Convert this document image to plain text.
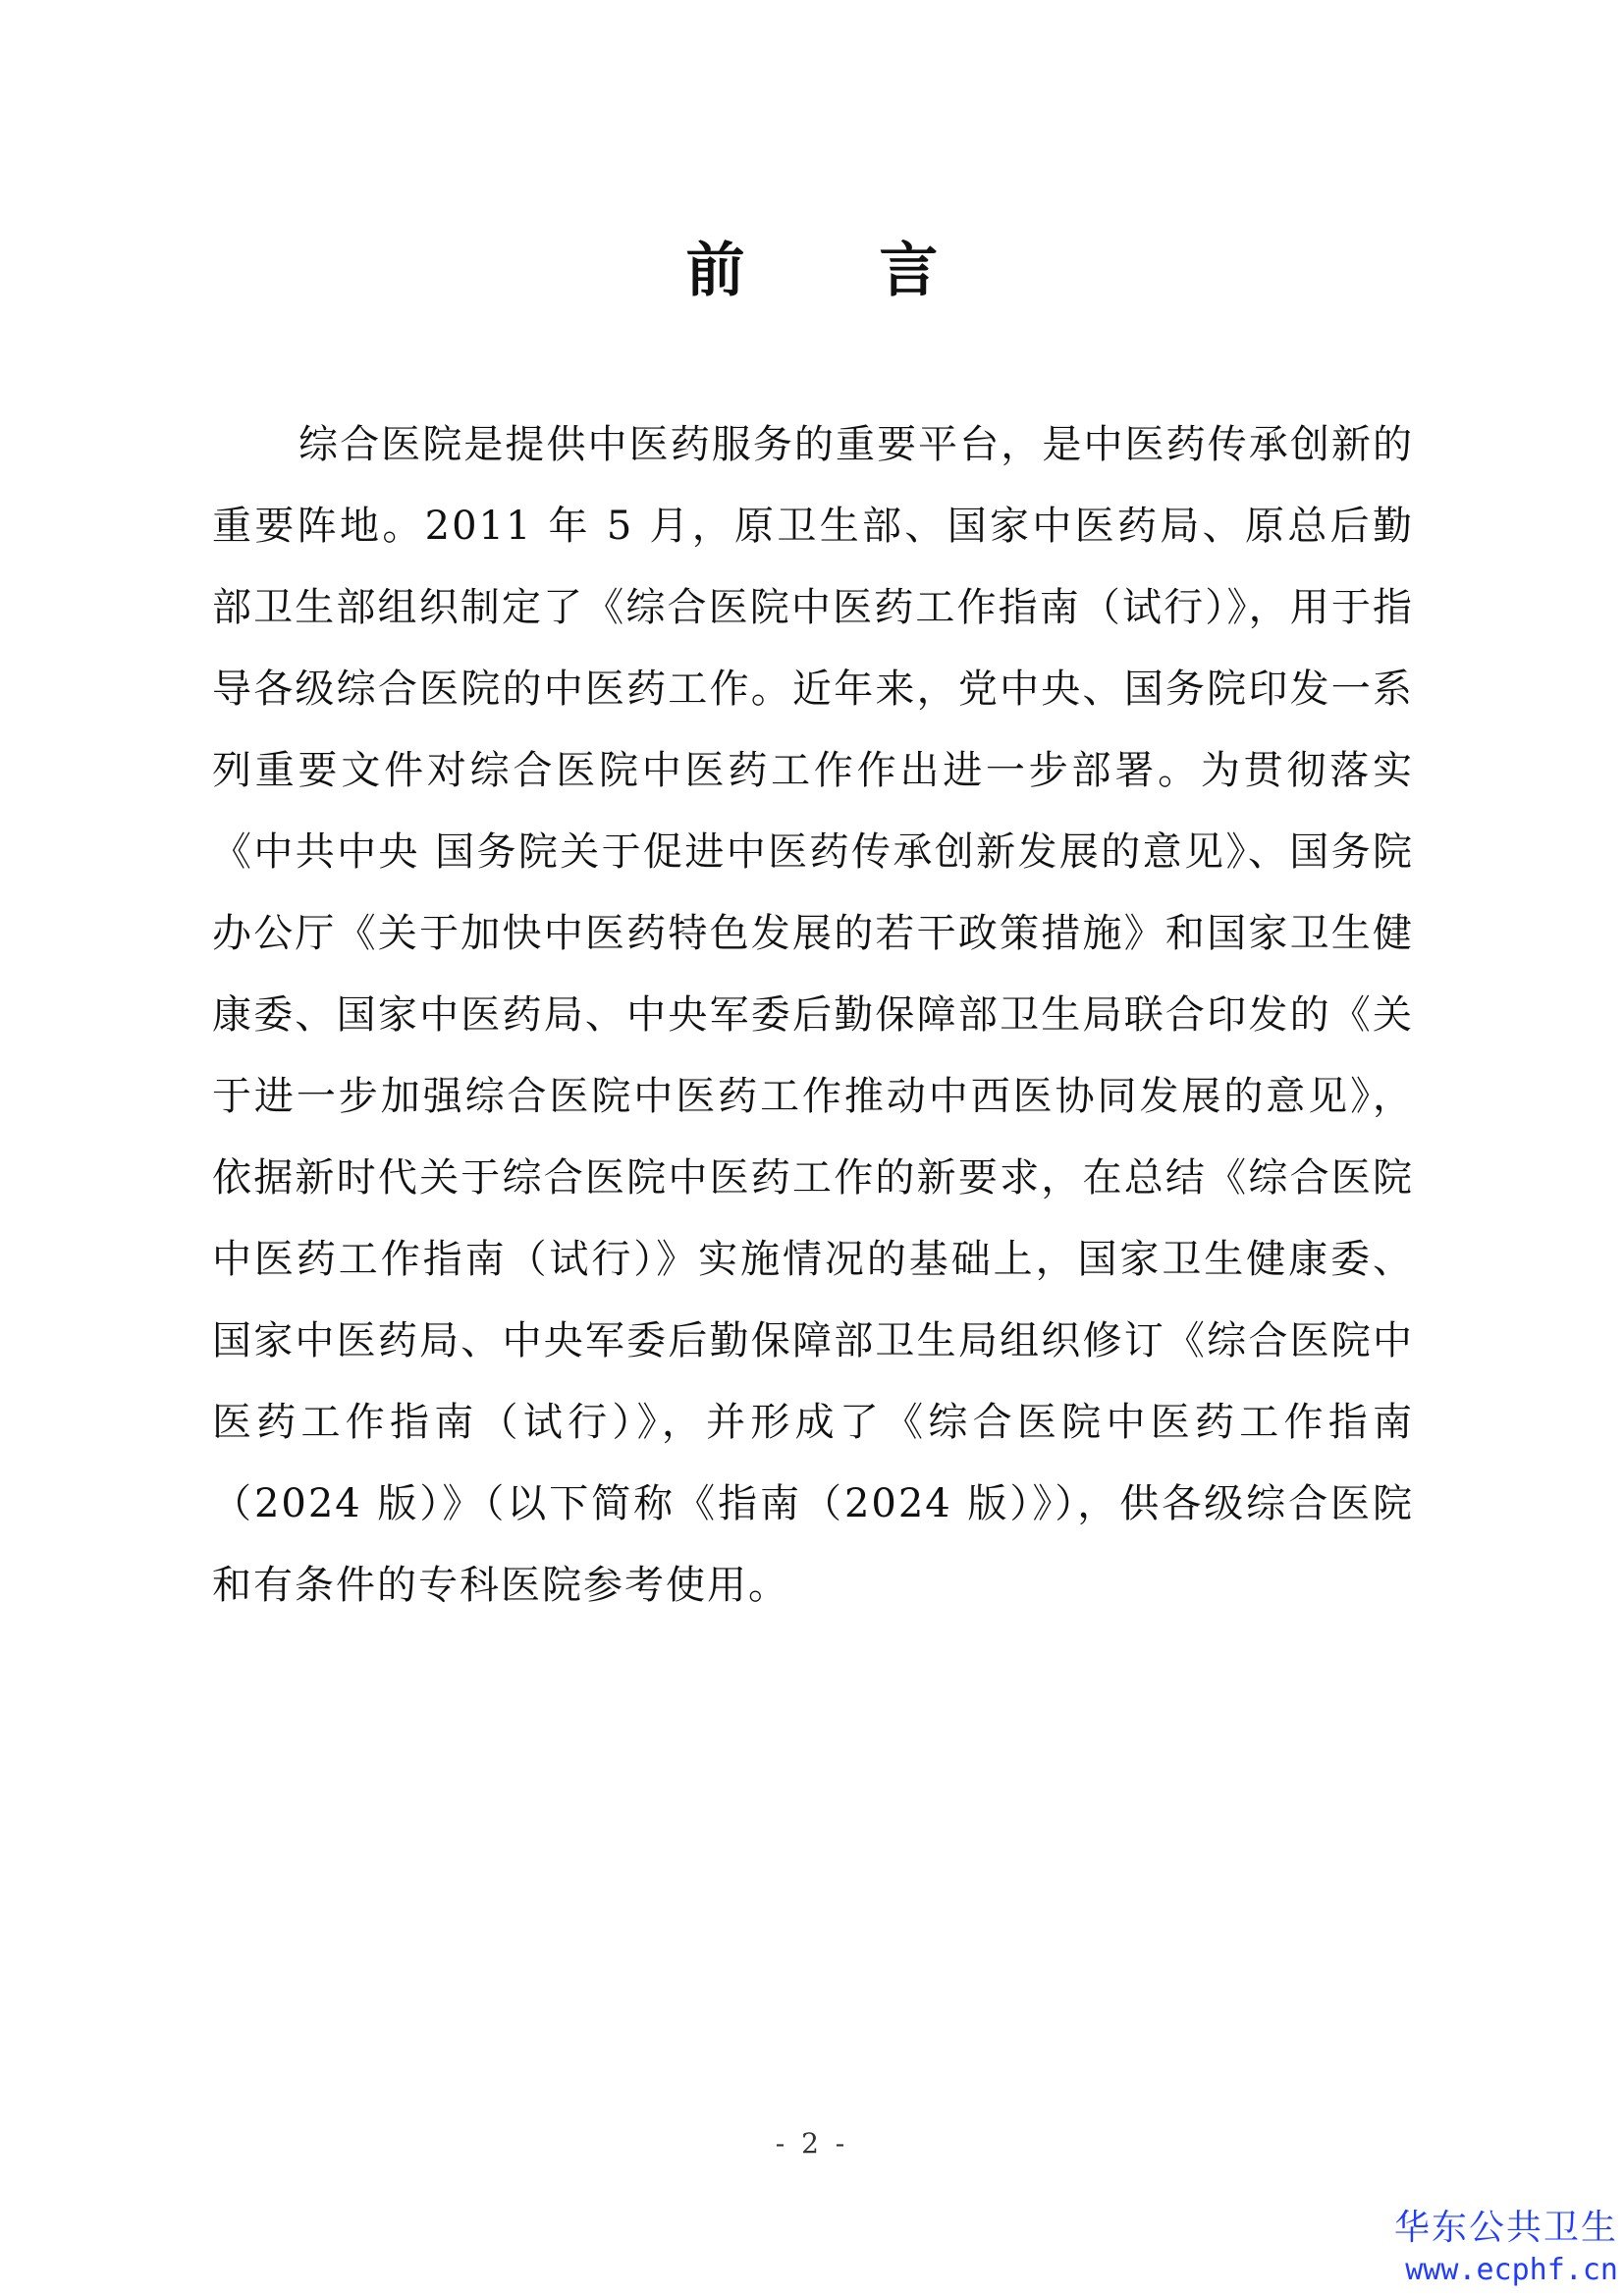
前 言

综合医院是提供中医药服务的重要平台，是中医药传承创新的重要阵地。2011 年 5 月，原卫生部、国家中医药局、原总后勤部卫生部组织制定了《综合医院中医药工作指南（试行）》，用于指导各级综合医院的中医药工作。近年来，党中央、国务院印发一系列重要文件对综合医院中医药工作作出进一步部署。为贯彻落实《中共中央 国务院关于促进中医药传承创新发展的意见》、国务院办公厅《关于加快中医药特色发展的若干政策措施》和国家卫生健康委、国家中医药局、中央军委后勤保障部卫生局联合印发的《关于进一步加强综合医院中医药工作推动中西医协同发展的意见》，依据新时代关于综合医院中医药工作的新要求，在总结《综合医院中医药工作指南（试行）》实施情况的基础上，国家卫生健康委、国家中医药局、中央军委后勤保障部卫生局组织修订《综合医院中医药工作指南（试行）》，并形成了《综合医院中医药工作指南（2024 版）》（以下简称《指南（2024 版）》），供各级综合医院和有条件的专科医院参考使用。

- 2 -
华东公共卫生
www.ecphf.cn
